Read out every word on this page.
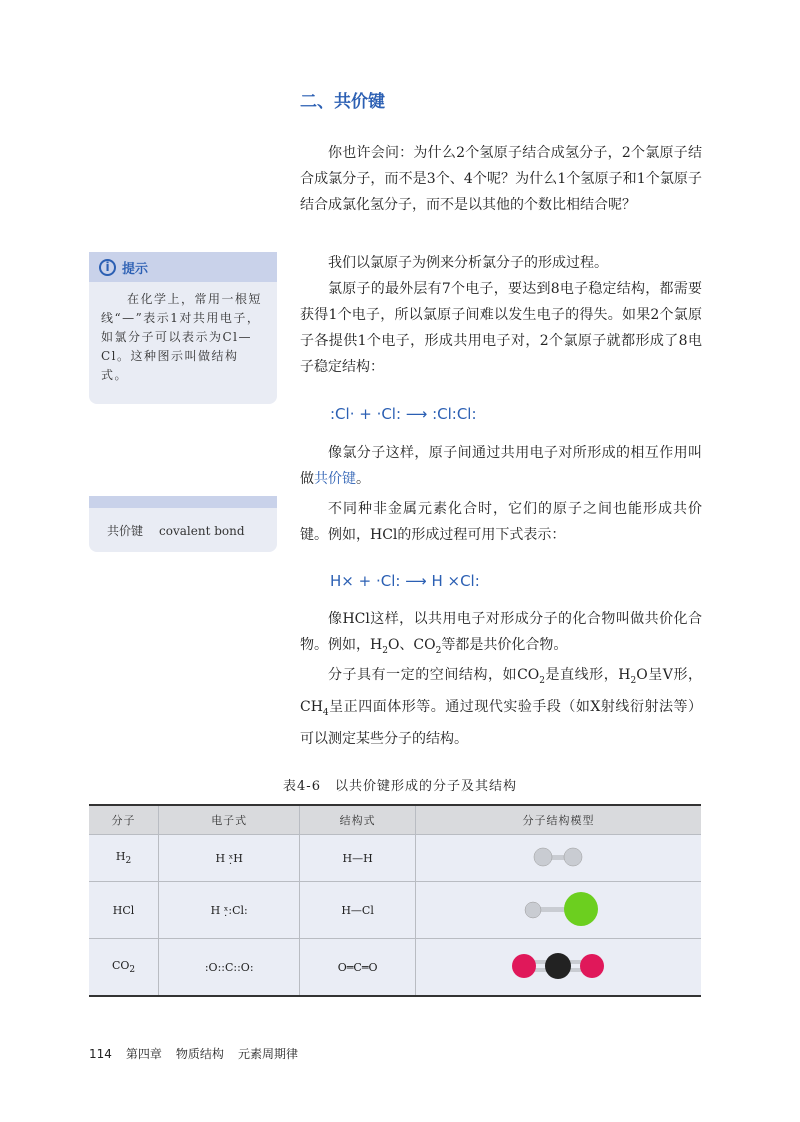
二、共价键

你也许会问：为什么2个氢原子结合成氢分子，2个氯原子结合成氯分子，而不是3个、4个呢？为什么1个氢原子和1个氯原子结合成氯化氢分子，而不是以其他的个数比相结合呢？

我们以氯原子为例来分析氯分子的形成过程。

氯原子的最外层有7个电子，要达到8电子稳定结构，都需要获得1个电子，所以氯原子间难以发生电子的得失。如果2个氯原子各提供1个电子，形成共用电子对，2个氯原子就都形成了8电子稳定结构：

:Cl· + ·Cl: ⟶ :Cl:Cl:

像氯分子这样，原子间通过共用电子对所形成的相互作用叫做共价键。

不同种非金属元素化合时，它们的原子之间也能形成共价键。例如，HCl的形成过程可用下式表示：

H× + ·Cl: ⟶ H ×Cl:

像HCl这样，以共用电子对形成分子的化合物叫做共价化合物。例如，$H_2O$、$CO_2$等都是共价化合物。

分子具有一定的空间结构，如$CO_2$是直线形，$H_2O$呈V形，$CH_4$呈正四面体形等。通过现代实验手段（如X射线衍射法等）可以测定某些分子的结构。

i 提示
在化学上，常用一根短线“—”表示1对共用电子，如氯分子可以表示为Cl—Cl。这种图示叫做结构式。
共价键 covalent bond
表4-6　以共价键形成的分子及其结构
分子	电子式	结构式	分子结构模型
$H_2$	H ˣ̣H	H—H	
HCl	H ˣ̣:Cl:	H—Cl	
$CO_2$	:O::C::O:	O═C═O	
114 第四章 物质结构 元素周期律
